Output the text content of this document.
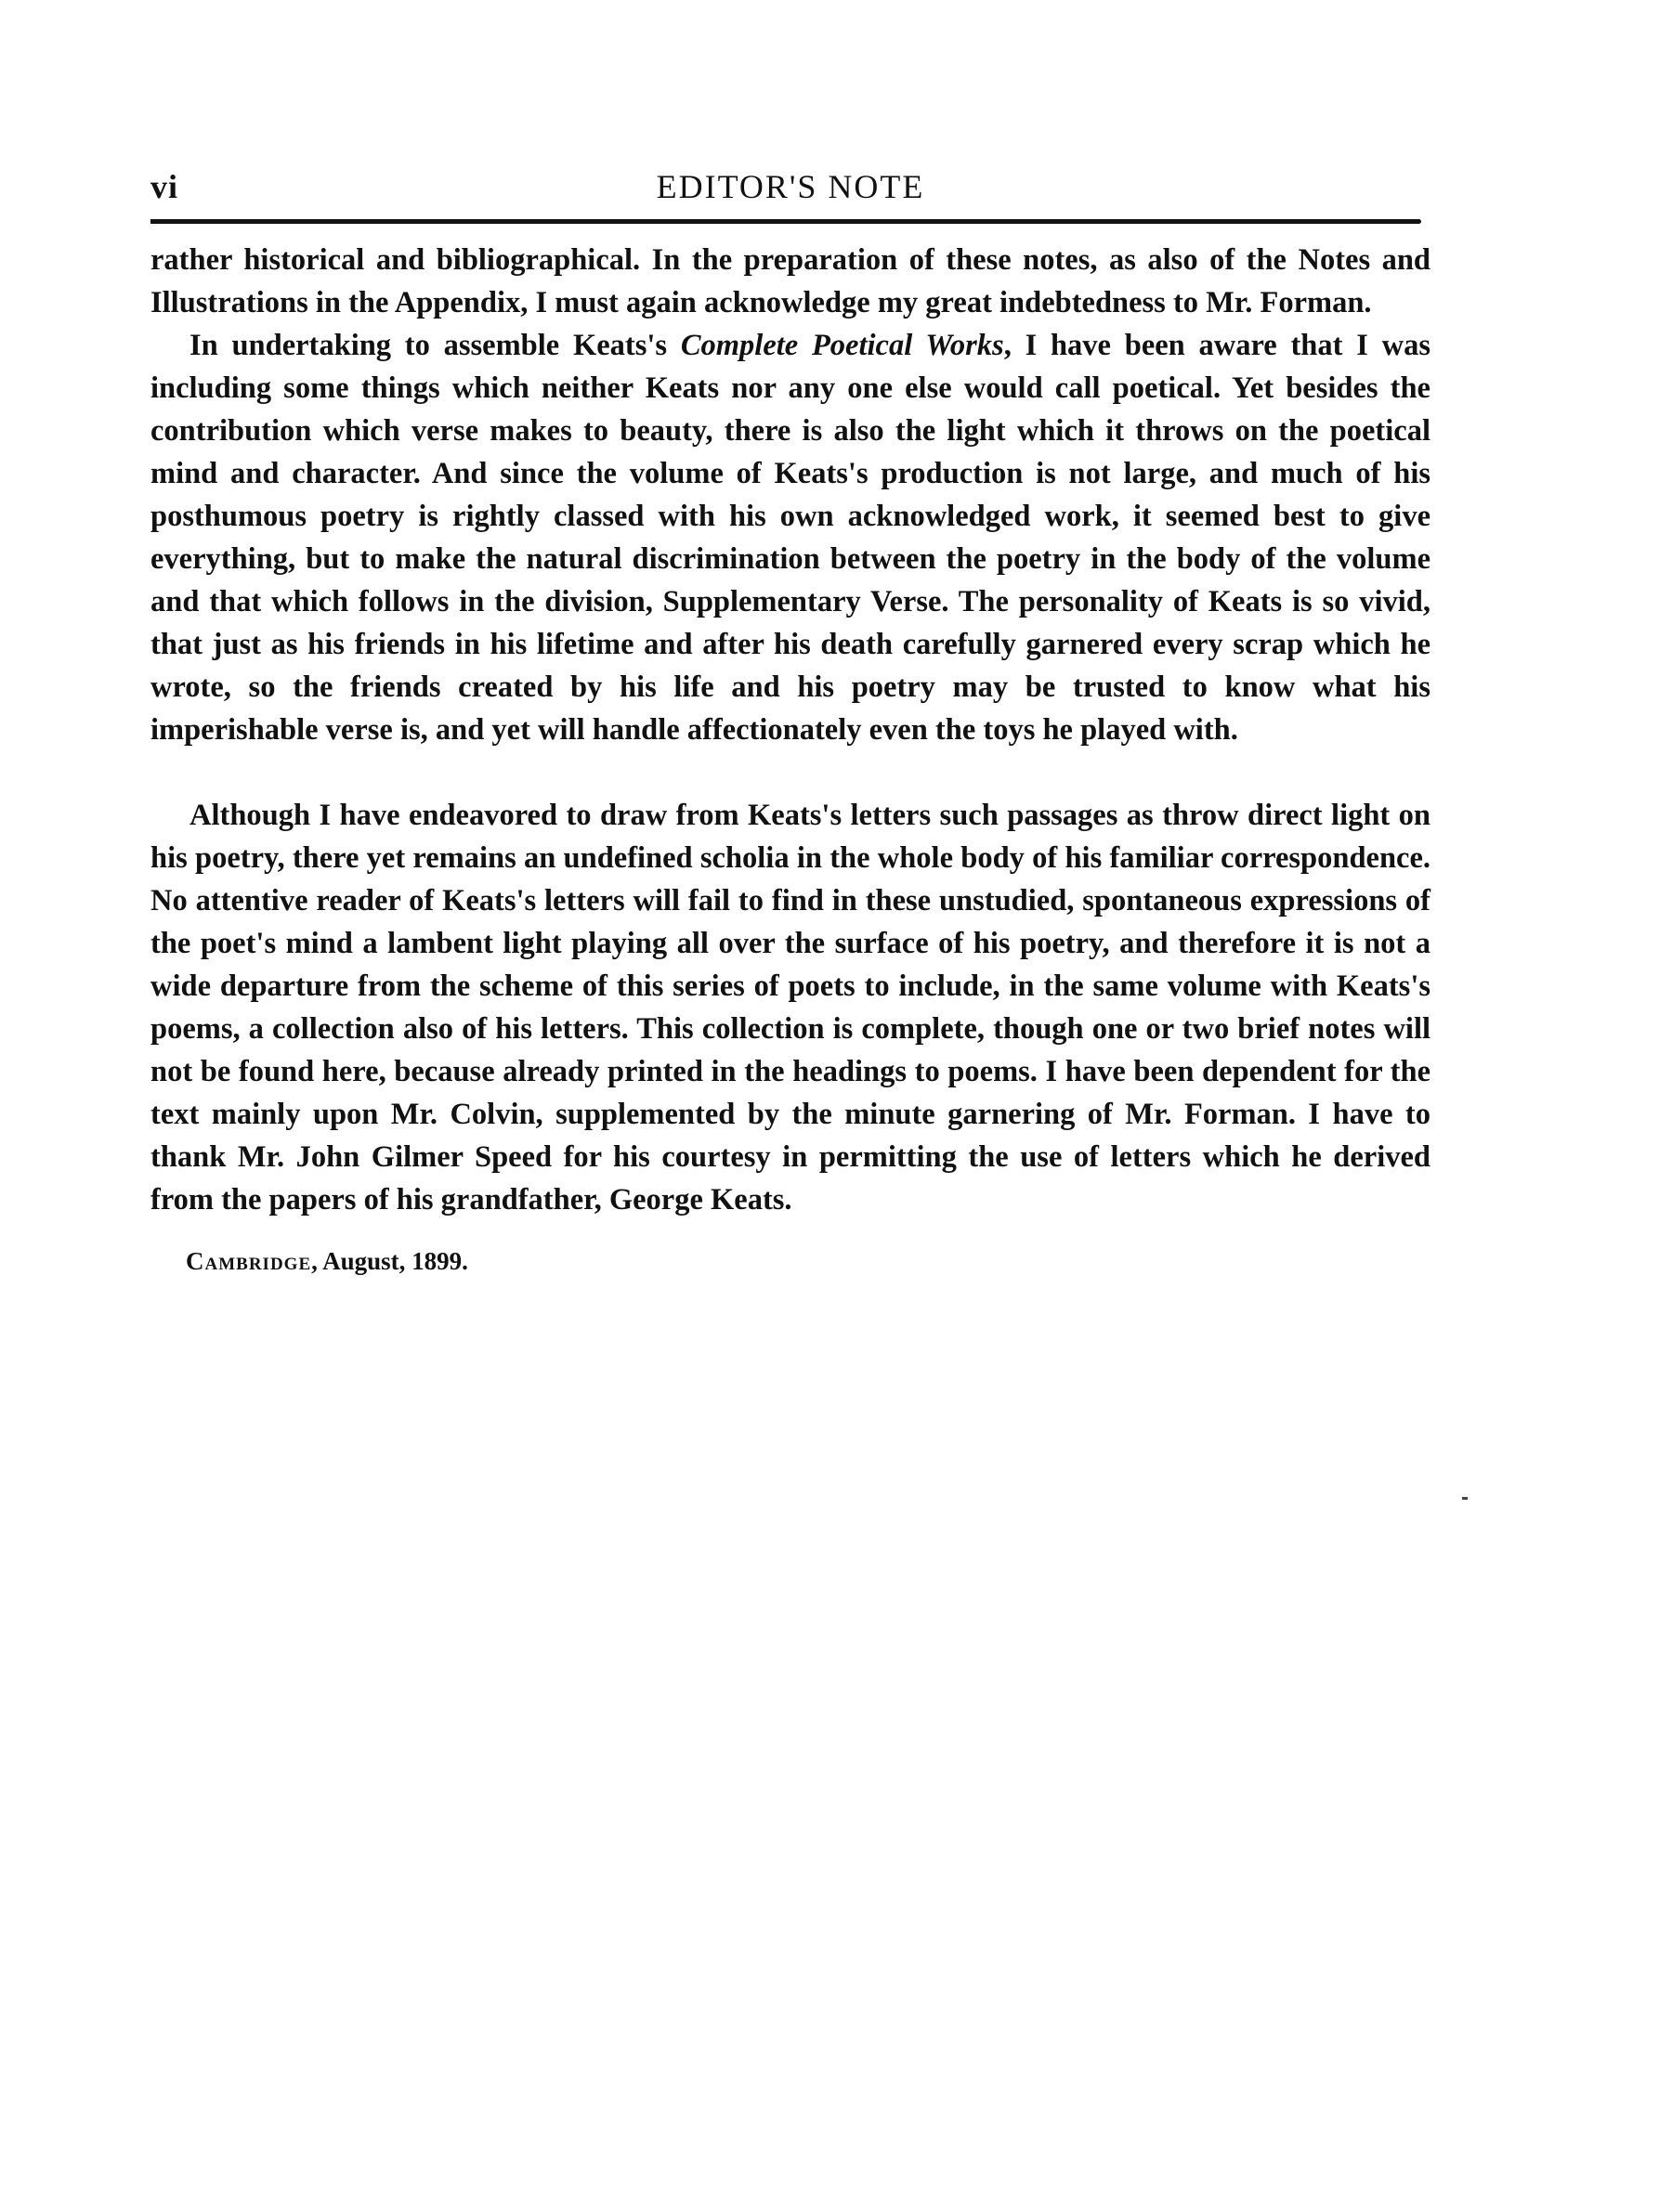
vi	EDITOR'S NOTE

rather historical and bibliographical. In the preparation of these notes, as also of the Notes and Illustrations in the Appendix, I must again acknowledge my great indebtedness to Mr. Forman.

In undertaking to assemble Keats's Complete Poetical Works, I have been aware that I was including some things which neither Keats nor any one else would call poetical. Yet besides the contribution which verse makes to beauty, there is also the light which it throws on the poetical mind and character. And since the volume of Keats's production is not large, and much of his posthumous poetry is rightly classed with his own acknowledged work, it seemed best to give everything, but to make the natural discrimination between the poetry in the body of the volume and that which follows in the division, Supplementary Verse. The personality of Keats is so vivid, that just as his friends in his lifetime and after his death carefully garnered every scrap which he wrote, so the friends created by his life and his poetry may be trusted to know what his imperishable verse is, and yet will handle affectionately even the toys he played with.

Although I have endeavored to draw from Keats's letters such passages as throw direct light on his poetry, there yet remains an undefined scholia in the whole body of his familiar correspondence. No attentive reader of Keats's letters will fail to find in these unstudied, spontaneous expressions of the poet's mind a lambent light playing all over the surface of his poetry, and therefore it is not a wide departure from the scheme of this series of poets to include, in the same volume with Keats's poems, a collection also of his letters. This collection is complete, though one or two brief notes will not be found here, because already printed in the headings to poems. I have been dependent for the text mainly upon Mr. Colvin, supplemented by the minute garnering of Mr. Forman. I have to thank Mr. John Gilmer Speed for his courtesy in permitting the use of letters which he derived from the papers of his grandfather, George Keats.

Cambridge, August, 1899.
